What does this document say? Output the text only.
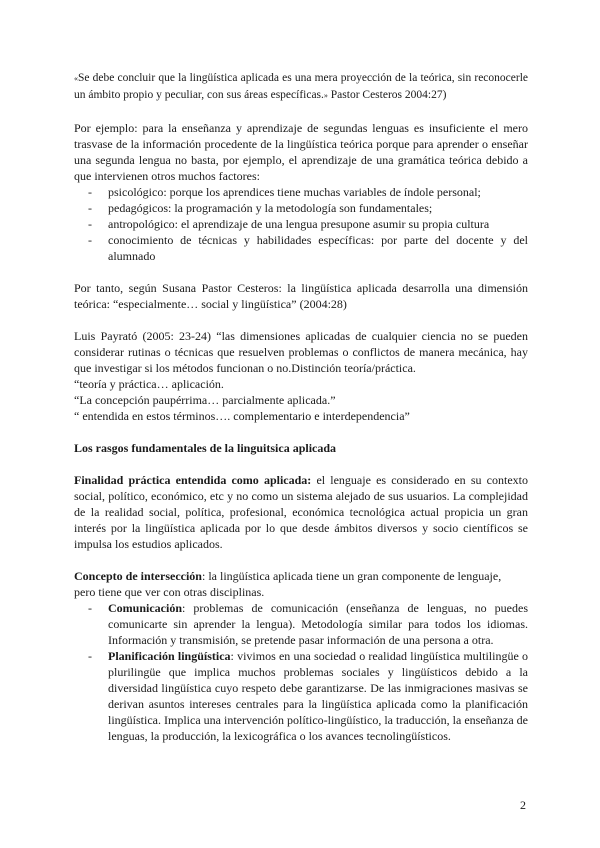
«Se debe concluir que la lingüística aplicada es una mera proyección de la teórica, sin reconocerle un ámbito propio y peculiar, con sus áreas específicas.» Pastor Cesteros 2004:27)

Por ejemplo: para la enseñanza y aprendizaje de segundas lenguas es insuficiente el mero trasvase de la información procedente de la lingüística teórica porque para aprender o enseñar una segunda lengua no basta, por ejemplo, el aprendizaje de una gramática teórica debido a que intervienen otros muchos factores:

- psicológico: porque los aprendices tiene muchas variables de índole personal;
- pedagógicos: la programación y la metodología son fundamentales;
- antropológico: el aprendizaje de una lengua presupone asumir su propia cultura
- conocimiento de técnicas y habilidades específicas: por parte del docente y del alumnado

Por tanto, según Susana Pastor Cesteros: la lingüística aplicada desarrolla una dimensión teórica: “especialmente… social y lingüística” (2004:28)

Luis Payrató (2005: 23-24) “las dimensiones aplicadas de cualquier ciencia no se pueden considerar rutinas o técnicas que resuelven problemas o conflictos de manera mecánica, hay que investigar si los métodos funcionan o no.Distinción teoría/práctica.

“teoría y práctica… aplicación.

“La concepción paupérrima… parcialmente aplicada.”

“ entendida en estos términos…. complementario e interdependencia”

Los rasgos fundamentales de la linguitsica aplicada

Finalidad práctica entendida como aplicada: el lenguaje es considerado en su contexto social, político, económico, etc y no como un sistema alejado de sus usuarios. La complejidad de la realidad social, política, profesional, económica tecnológica actual propicia un gran interés por la lingüística aplicada por lo que desde ámbitos diversos y socio científicos se impulsa los estudios aplicados.

Concepto de intersección: la lingüística aplicada tiene un gran componente de lenguaje,

pero tiene que ver con otras disciplinas.

- Comunicación: problemas de comunicación (enseñanza de lenguas, no puedes comunicarte sin aprender la lengua). Metodología similar para todos los idiomas. Información y transmisión, se pretende pasar información de una persona a otra.
- Planificación lingüística: vivimos en una sociedad o realidad lingüística multilingüe o plurilingüe que implica muchos problemas sociales y lingüísticos debido a la diversidad lingüística cuyo respeto debe garantizarse. De las inmigraciones masivas se derivan asuntos intereses centrales para la lingüística aplicada como la planificación lingüística. Implica una intervención político-lingüístico, la traducción, la enseñanza de lenguas, la producción, la lexicográfica o los avances tecnolingüísticos.
2
